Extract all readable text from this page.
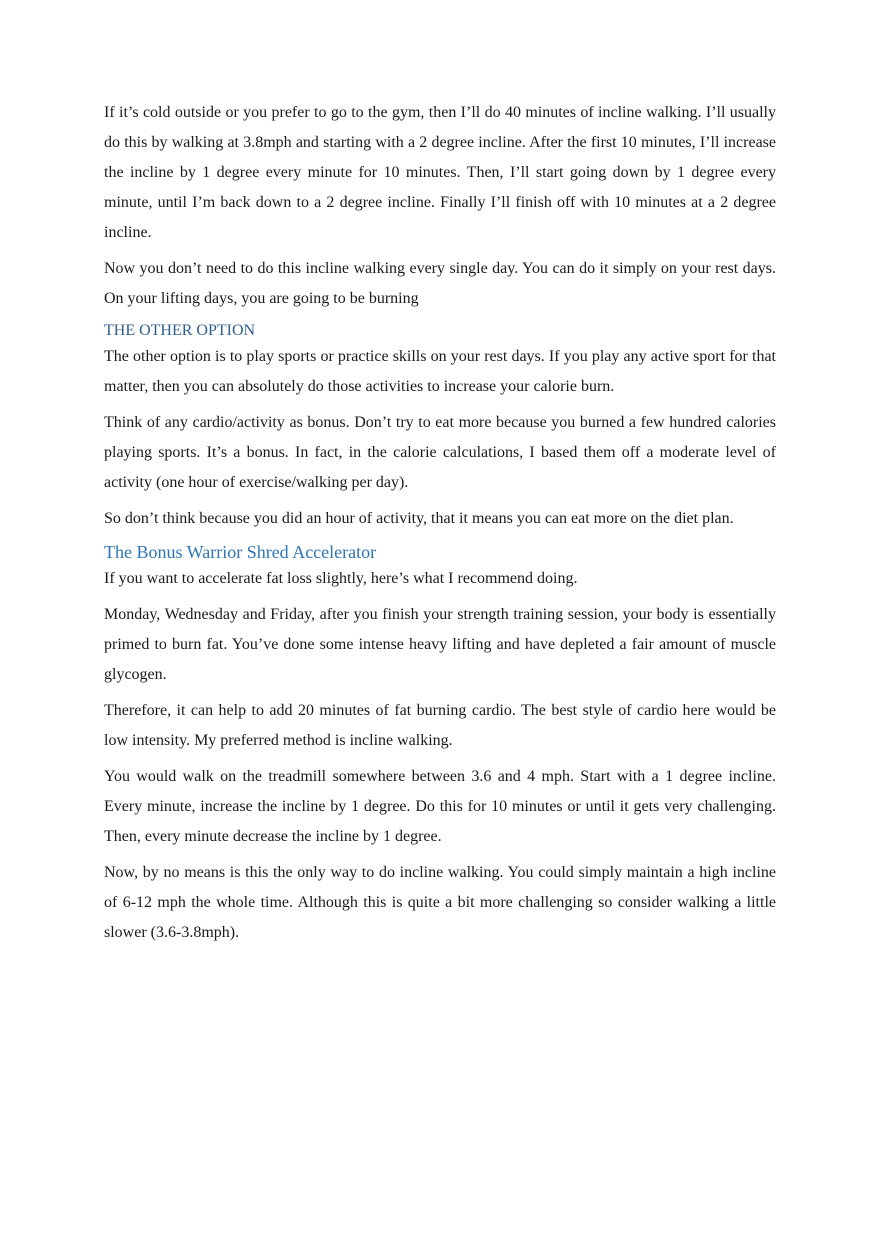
If it’s cold outside or you prefer to go to the gym, then I’ll do 40 minutes of incline walking. I’ll usually do this by walking at 3.8mph and starting with a 2 degree incline. After the first 10 minutes, I’ll increase the incline by 1 degree every minute for 10 minutes. Then, I’ll start going down by 1 degree every minute, until I’m back down to a 2 degree incline. Finally I’ll finish off with 10 minutes at a 2 degree incline.

Now you don’t need to do this incline walking every single day. You can do it simply on your rest days. On your lifting days, you are going to be burning

THE OTHER OPTION

The other option is to play sports or practice skills on your rest days. If you play any active sport for that matter, then you can absolutely do those activities to increase your calorie burn.

Think of any cardio/activity as bonus. Don’t try to eat more because you burned a few hundred calories playing sports. It’s a bonus. In fact, in the calorie calculations, I based them off a moderate level of activity (one hour of exercise/walking per day).

So don’t think because you did an hour of activity, that it means you can eat more on the diet plan.

The Bonus Warrior Shred Accelerator

If you want to accelerate fat loss slightly, here’s what I recommend doing.

Monday, Wednesday and Friday, after you finish your strength training session, your body is essentially primed to burn fat. You’ve done some intense heavy lifting and have depleted a fair amount of muscle glycogen.

Therefore, it can help to add 20 minutes of fat burning cardio. The best style of cardio here would be low intensity. My preferred method is incline walking.

You would walk on the treadmill somewhere between 3.6 and 4 mph. Start with a 1 degree incline. Every minute, increase the incline by 1 degree. Do this for 10 minutes or until it gets very challenging. Then, every minute decrease the incline by 1 degree.

Now, by no means is this the only way to do incline walking. You could simply maintain a high incline of 6-12 mph the whole time. Although this is quite a bit more challenging so consider walking a little slower (3.6-3.8mph).
